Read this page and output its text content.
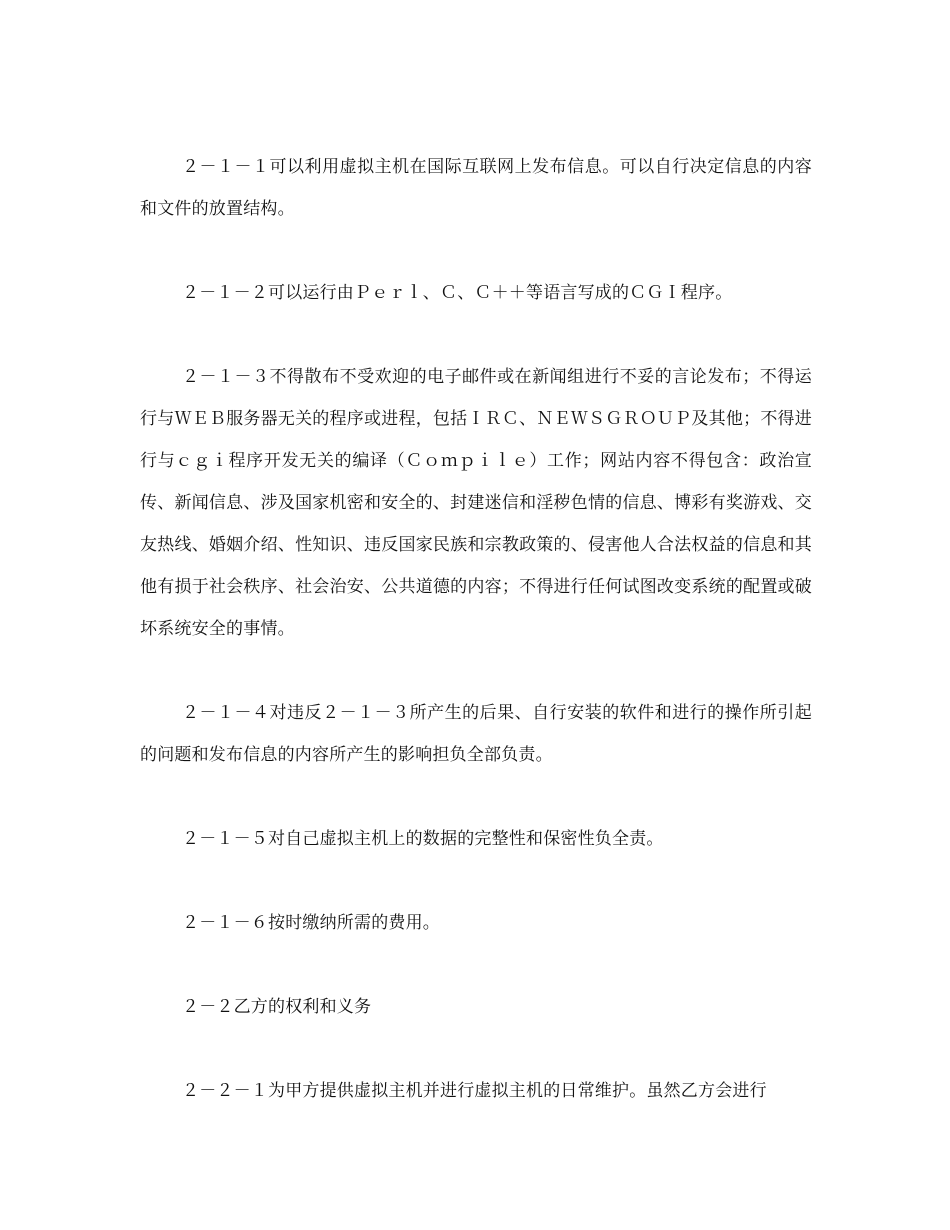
２－１－１可以利用虚拟主机在国际互联网上发布信息。可以自行决定信息的内容和文件的放置结构。

２－１－２可以运行由Ｐｅｒｌ、Ｃ、Ｃ＋＋等语言写成的ＣＧＩ程序。

２－１－３不得散布不受欢迎的电子邮件或在新闻组进行不妥的言论发布；不得运行与ＷＥＢ服务器无关的程序或进程，包括ＩＲＣ、ＮＥＷＳＧＲＯＵＰ及其他；不得进行与ｃｇｉ程序开发无关的编译（Ｃｏｍｐｉｌｅ）工作；网站内容不得包含：政治宣传、新闻信息、涉及国家机密和安全的、封建迷信和淫秽色情的信息、博彩有奖游戏、交友热线、婚姻介绍、性知识、违反国家民族和宗教政策的、侵害他人合法权益的信息和其他有损于社会秩序、社会治安、公共道德的内容；不得进行任何试图改变系统的配置或破坏系统安全的事情。

２－１－４对违反２－１－３所产生的后果、自行安装的软件和进行的操作所引起的问题和发布信息的内容所产生的影响担负全部负责。

２－１－５对自己虚拟主机上的数据的完整性和保密性负全责。

２－１－６按时缴纳所需的费用。

２－２乙方的权利和义务

２－２－１为甲方提供虚拟主机并进行虚拟主机的日常维护。虽然乙方会进行
